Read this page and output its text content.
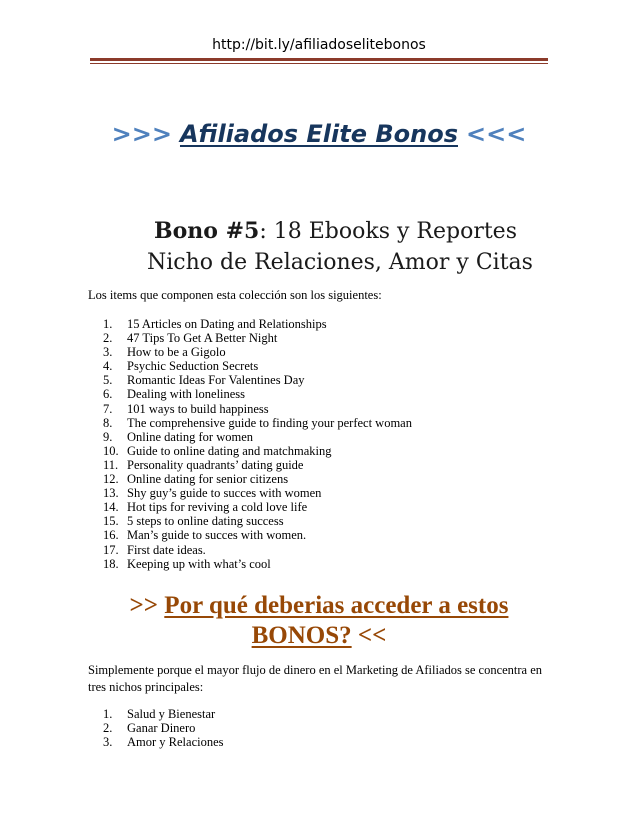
http://bit.ly/afiliadoselitebonos
>>> Afiliados Elite Bonos <<<
Bono #5: 18 Ebooks y Reportes
Nicho de Relaciones, Amor y Citas
Los items que componen esta colección son los siguientes:
1. 15 Articles on Dating and Relationships
2. 47 Tips To Get A Better Night
3. How to be a Gigolo
4. Psychic Seduction Secrets
5. Romantic Ideas For Valentines Day
6. Dealing with loneliness
7. 101 ways to build happiness
8. The comprehensive guide to finding your perfect woman
9. Online dating for women
10. Guide to online dating and matchmaking
11. Personality quadrants’ dating guide
12. Online dating for senior citizens
13. Shy guy’s guide to succes with women
14. Hot tips for reviving a cold love life
15. 5 steps to online dating success
16. Man’s guide to succes with women.
17. First date ideas.
18. Keeping up with what’s cool
>> Por qué deberias acceder a estos
BONOS? <<
Simplemente porque el mayor flujo de dinero en el Marketing de Afiliados se concentra en tres nichos principales:
1. Salud y Bienestar
2. Ganar Dinero
3. Amor y Relaciones
